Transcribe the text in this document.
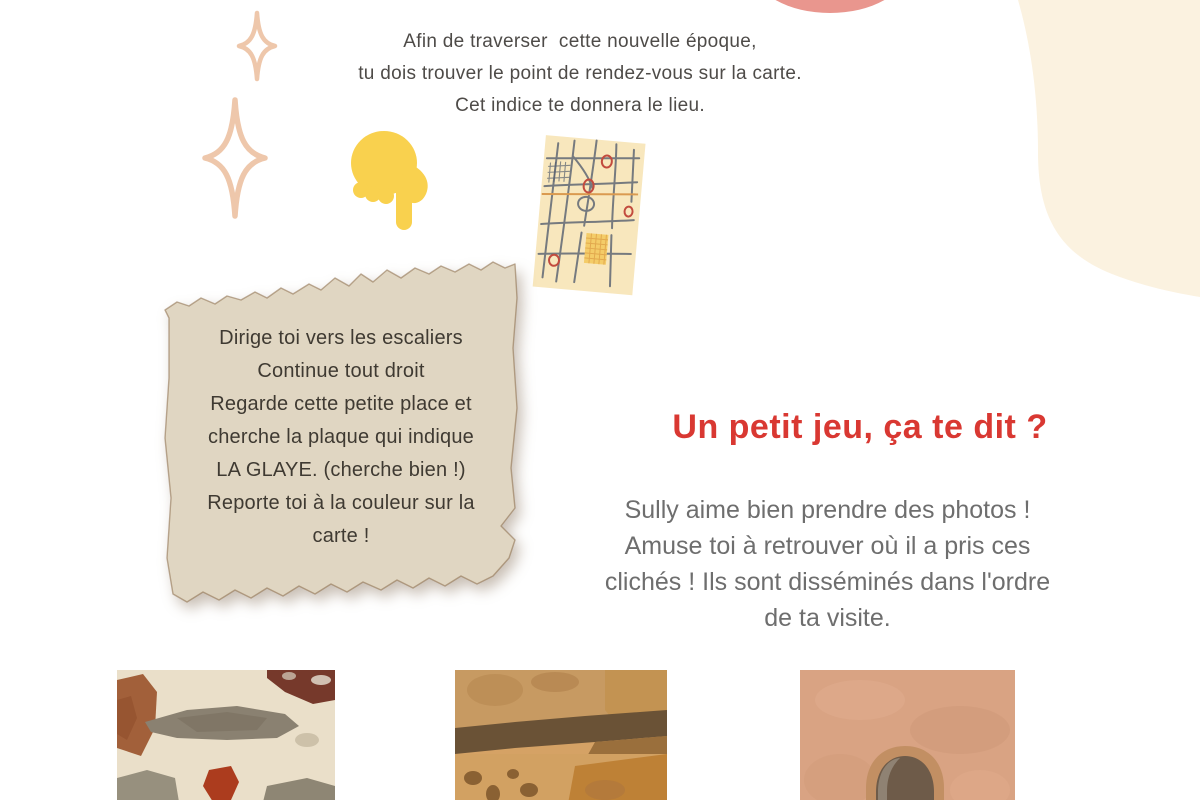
Afin de traverser  cette nouvelle époque,
tu dois trouver le point de rendez-vous sur la carte.
Cet indice te donnera le lieu.
Dirige toi vers les escaliers
Continue tout droit
Regarde cette petite place et
cherche la plaque qui indique
LA GLAYE. (cherche bien !)
Reporte toi à la couleur sur la
carte !
Un petit jeu, ça te dit ?
Sully aime bien prendre des photos !
Amuse toi à retrouver où il a pris ces
clichés ! Ils sont disséminés dans l'ordre
de ta visite.
